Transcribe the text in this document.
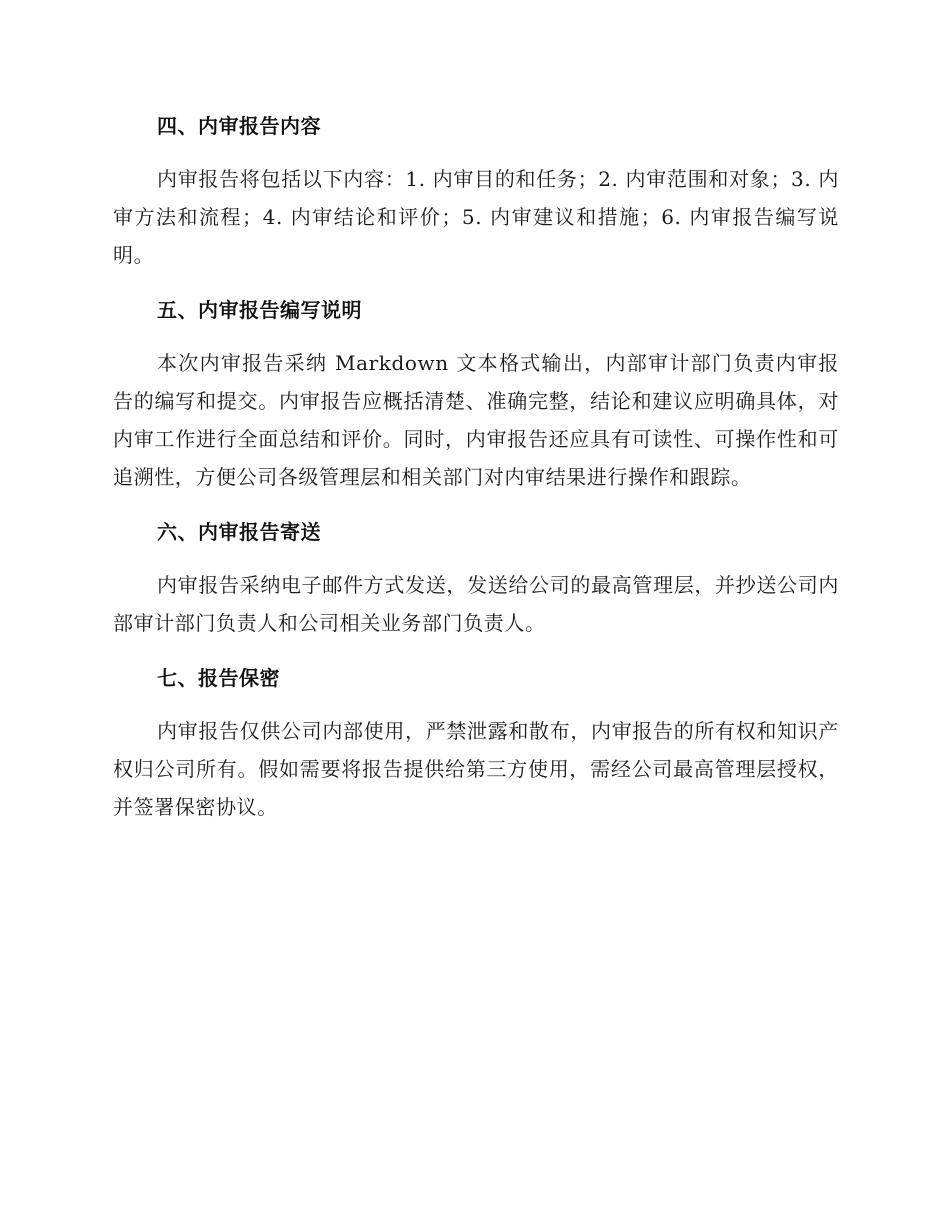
四、内审报告内容

内审报告将包括以下内容：1. 内审目的和任务；2. 内审范围和对象；3. 内审方法和流程；4. 内审结论和评价；5. 内审建议和措施；6. 内审报告编写说明。

五、内审报告编写说明

本次内审报告采纳 Markdown 文本格式输出，内部审计部门负责内审报告的编写和提交。内审报告应概括清楚、准确完整，结论和建议应明确具体，对内审工作进行全面总结和评价。同时，内审报告还应具有可读性、可操作性和可追溯性，方便公司各级管理层和相关部门对内审结果进行操作和跟踪。

六、内审报告寄送

内审报告采纳电子邮件方式发送，发送给公司的最高管理层，并抄送公司内部审计部门负责人和公司相关业务部门负责人。

七、报告保密

内审报告仅供公司内部使用，严禁泄露和散布，内审报告的所有权和知识产权归公司所有。假如需要将报告提供给第三方使用，需经公司最高管理层授权，并签署保密协议。
